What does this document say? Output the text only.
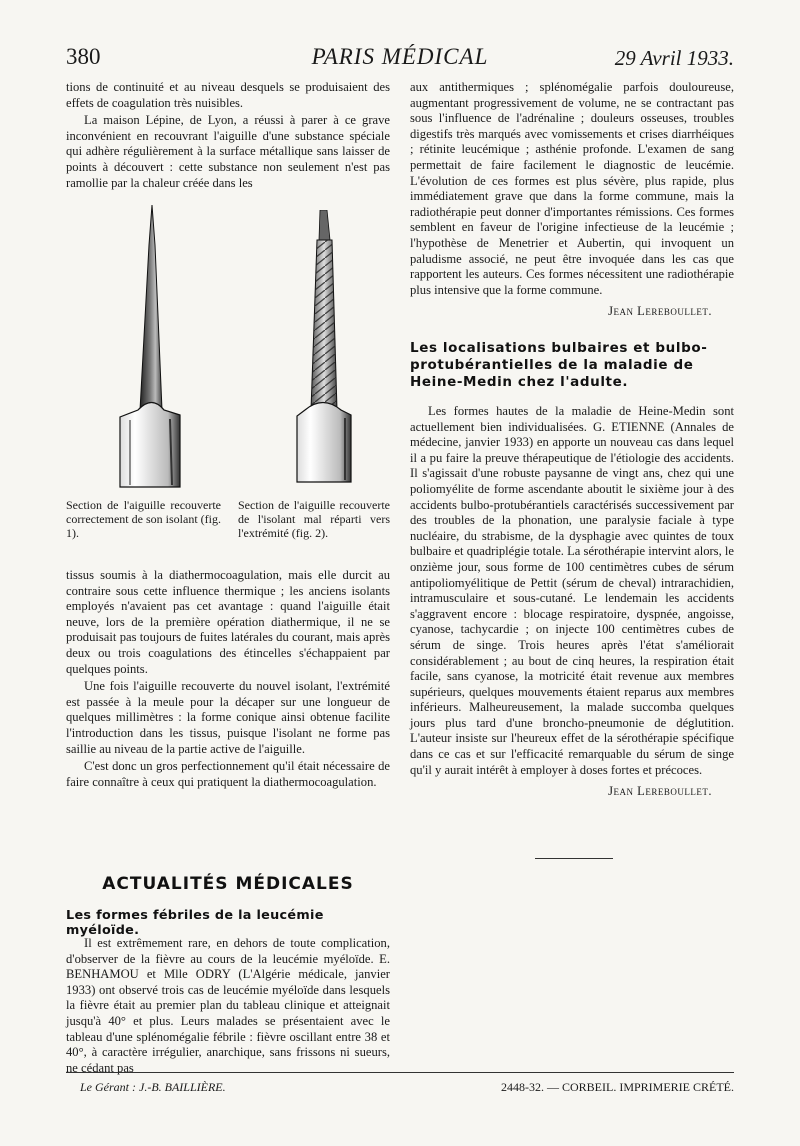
380	PARIS MÉDICAL	29 Avril 1933.

tions de continuité et au niveau desquels se produisaient des effets de coagulation très nuisibles.

La maison Lépine, de Lyon, a réussi à parer à ce grave inconvénient en recouvrant l'aiguille d'une substance spéciale qui adhère régulièrement à la surface métallique sans laisser de points à découvert : cette substance non seulement n'est pas ramollie par la chaleur créée dans les

Section de l'aiguille recouverte correctement de son isolant (fig. 1).
Section de l'aiguille recouverte de l'isolant mal réparti vers l'extrémité (fig. 2).

tissus soumis à la diathermocoagulation, mais elle durcit au contraire sous cette influence thermique ; les anciens isolants employés n'avaient pas cet avantage : quand l'aiguille était neuve, lors de la première opération diathermique, il ne se produisait pas toujours de fuites latérales du courant, mais après deux ou trois coagulations des étincelles s'échappaient par quelques points.

Une fois l'aiguille recouverte du nouvel isolant, l'extrémité est passée à la meule pour la décaper sur une longueur de quelques millimètres : la forme conique ainsi obtenue facilite l'introduction dans les tissus, puisque l'isolant ne forme pas saillie au niveau de la partie active de l'aiguille.

C'est donc un gros perfectionnement qu'il était nécessaire de faire connaître à ceux qui pratiquent la diathermocoagulation.

ACTUALITÉS MÉDICALES
Les formes fébriles de la leucémie myéloïde.

Il est extrêmement rare, en dehors de toute complication, d'observer de la fièvre au cours de la leucémie myéloïde. E. BENHAMOU et Mlle ODRY (L'Algérie médicale, janvier 1933) ont observé trois cas de leucémie myéloïde dans lesquels la fièvre était au premier plan du tableau clinique et atteignait jusqu'à 40° et plus. Leurs malades se présentaient avec le tableau d'une splénomégalie fébrile : fièvre oscillant entre 38 et 40°, à caractère irrégulier, anarchique, sans frissons ni sueurs, ne cédant pas

aux antithermiques ; splénomégalie parfois douloureuse, augmentant progressivement de volume, ne se contractant pas sous l'influence de l'adrénaline ; douleurs osseuses, troubles digestifs très marqués avec vomissements et crises diarrhéiques ; rétinite leucémique ; asthénie profonde. L'examen de sang permettait de faire facilement le diagnostic de leucémie. L'évolution de ces formes est plus sévère, plus rapide, plus immédiatement grave que dans la forme commune, mais la radiothérapie peut donner d'importantes rémissions. Ces formes semblent en faveur de l'origine infectieuse de la leucémie ; l'hypothèse de Menetrier et Aubertin, qui invoquent un paludisme associé, ne peut être invoquée dans les cas que rapportent les auteurs. Ces formes nécessitent une radiothérapie plus intensive que la forme commune.

Jean Lereboullet.

Les localisations bulbaires et bulbo-protubérantielles de la maladie de Heine-Medin chez l'adulte.

Les formes hautes de la maladie de Heine-Medin sont actuellement bien individualisées. G. ETIENNE (Annales de médecine, janvier 1933) en apporte un nouveau cas dans lequel il a pu faire la preuve thérapeutique de l'étiologie des accidents. Il s'agissait d'une robuste paysanne de vingt ans, chez qui une poliomyélite de forme ascendante aboutit le sixième jour à des accidents bulbo-protubérantiels caractérisés successivement par des troubles de la phonation, une paralysie faciale à type nucléaire, du strabisme, de la dysphagie avec quintes de toux bulbaire et quadriplégie totale. La sérothérapie intervint alors, le onzième jour, sous forme de 100 centimètres cubes de sérum antipoliomyélitique de Pettit (sérum de cheval) intrarachidien, intramusculaire et sous-cutané. Le lendemain les accidents s'aggravent encore : blocage respiratoire, dyspnée, angoisse, cyanose, tachycardie ; on injecte 100 centimètres cubes de sérum de singe. Trois heures après l'état s'améliorait considérablement ; au bout de cinq heures, la respiration était facile, sans cyanose, la motricité était revenue aux membres supérieurs, quelques mouvements étaient reparus aux membres inférieurs. Malheureusement, la malade succomba quelques jours plus tard d'une broncho-pneumonie de déglutition. L'auteur insiste sur l'heureux effet de la sérothérapie spécifique dans ce cas et sur l'efficacité remarquable du sérum de singe qu'il y aurait intérêt à employer à doses fortes et précoces.

Jean Lereboullet.

Le Gérant : J.-B. BAILLIÈRE.	2448-32. — CORBEIL. IMPRIMERIE CRÉTÉ.
